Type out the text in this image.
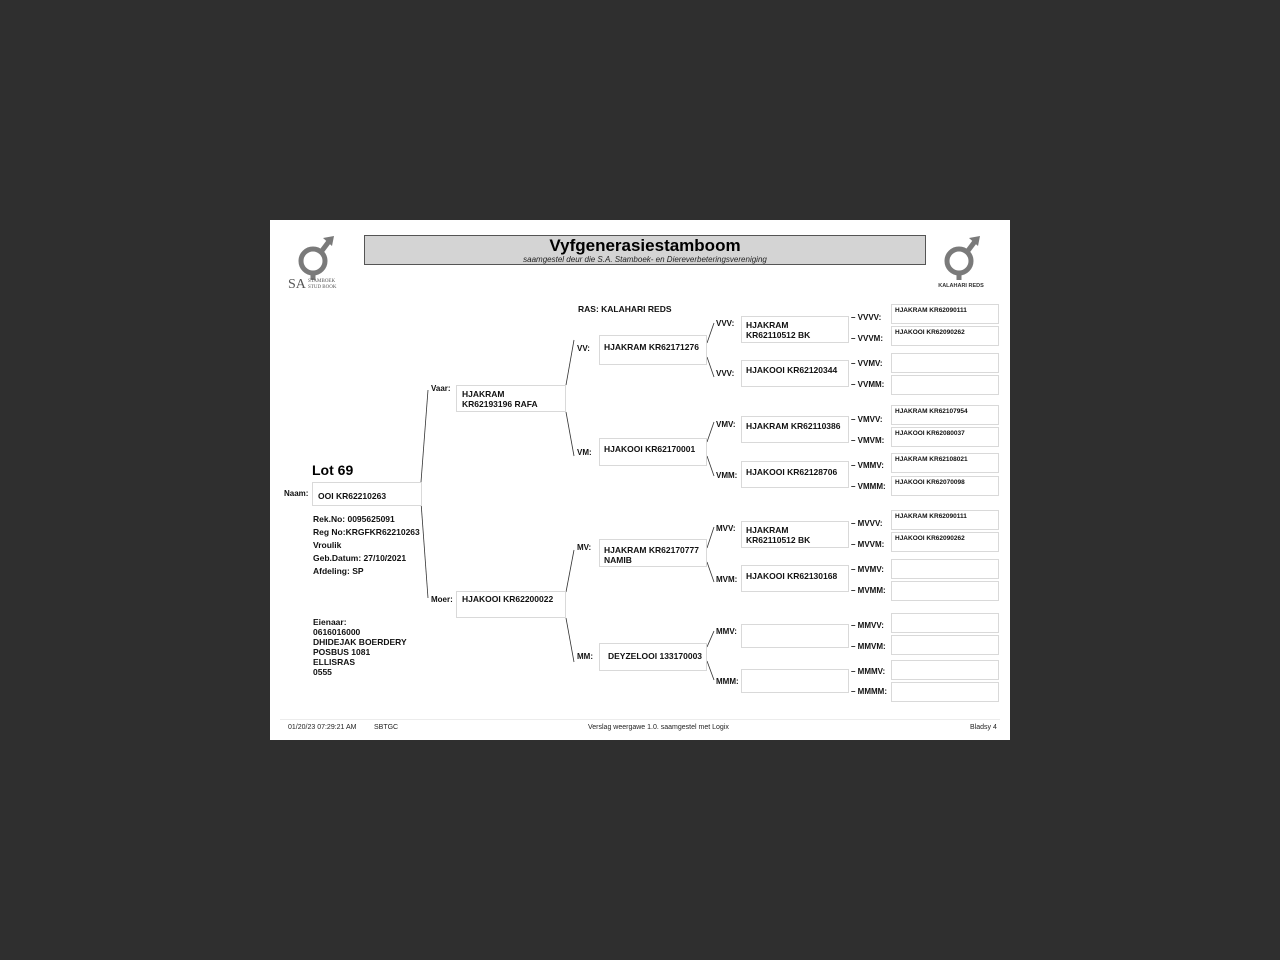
SA STAMBOEK
STUD BOOK	KALAHARI REDS
Vyfgenerasiestamboom
saamgestel deur die S.A. Stamboek- en Diereverbeteringsvereniging
RAS: KALAHARI REDS
Lot 69
Naam: OOI KR62210263
Rek.No: 0095625091
Reg No:KRGFKR62210263
Vroulik
Geb.Datum: 27/10/2021
Afdeling: SP
Eienaar:
0616016000
DHIDEJAK BOERDERY
POSBUS 1081
ELLISRAS
0555
Vaar:
HJAKRAM
KR62193196 RAFA
Moer: HJAKOOI KR62200022
VV: HJAKRAM KR62171276
VM: HJAKOOI KR62170001
MV: HJAKRAM KR62170777
NAMIB
MM: DEYZELOOI 133170003
VVV: HJAKRAM
KR62110512 BK
VVV: HJAKOOI KR62120344
VMV: HJAKRAM KR62110386
VMM: HJAKOOI KR62128706
MVV: HJAKRAM
KR62110512 BK
MVM: HJAKOOI KR62130168
MMV:
MMM:
– VVVV:
HJAKRAM KR62090111
– VVVM:
HJAKOOI KR62090262
– VVMV:
– VVMM:
– VMVV:
HJAKRAM KR62107954
– VMVM:
HJAKOOI KR62080037
– VMMV:
HJAKRAM KR62108021
– VMMM: HJAKOOI KR62070098
– MVVV:
HJAKRAM KR62090111
– MVVM:
HJAKOOI KR62090262
– MVMV:
– MVMM:
– MMVV:
– MMVM:
– MMMV:
– MMMM:
01/20/23 07:29:21 AM	SBTGC	Verslag weergawe 1.0. saamgestel met Logix	Bladsy 4
